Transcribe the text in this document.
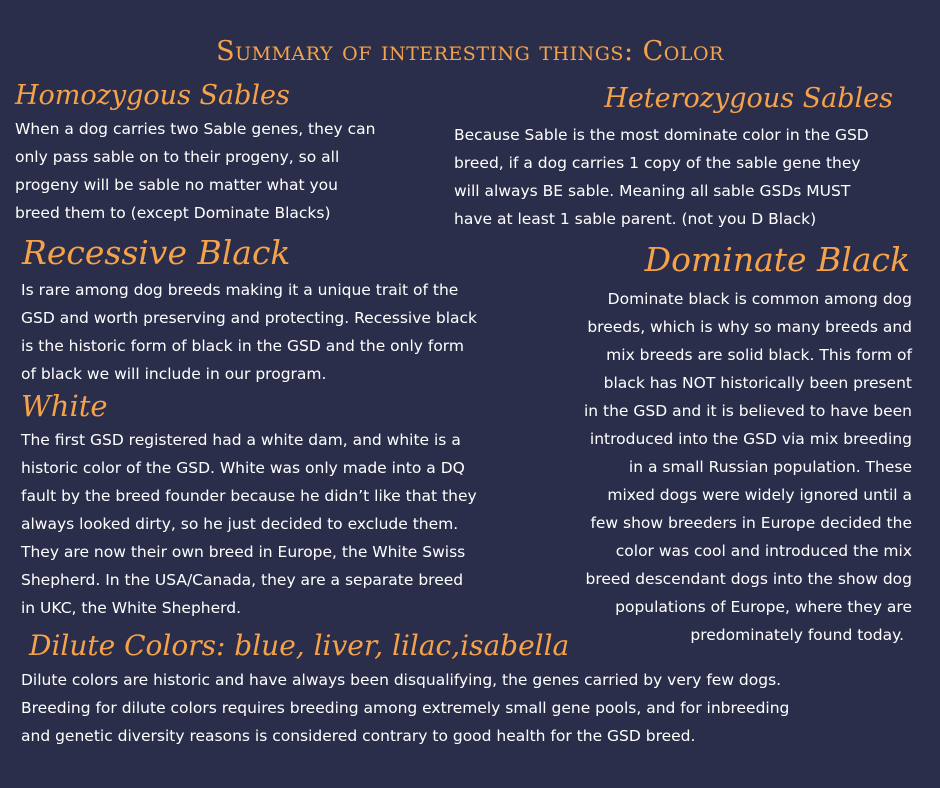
Summary of interesting things: Color
Homozygous Sables
When a dog carries two Sable genes, they can
only pass sable on to their progeny, so all
progeny will be sable no matter what you
breed them to (except Dominate Blacks)
Heterozygous Sables
Because Sable is the most dominate color in the GSD
breed, if a dog carries 1 copy of the sable gene they
will always BE sable. Meaning all sable GSDs MUST
have at least 1 sable parent. (not you D Black)
Recessive Black
Is rare among dog breeds making it a unique trait of the
GSD and worth preserving and protecting. Recessive black
is the historic form of black in the GSD and the only form
of black we will include in our program.
Dominate Black
Dominate black is common among dog
breeds, which is why so many breeds and
mix breeds are solid black. This form of
black has NOT historically been present
in the GSD and it is believed to have been
introduced into the GSD via mix breeding
in a small Russian population. These
mixed dogs were widely ignored until a
few show breeders in Europe decided the
color was cool and introduced the mix
breed descendant dogs into the show dog
populations of Europe, where they are
predominately found today.
White
The first GSD registered had a white dam, and white is a
historic color of the GSD. White was only made into a DQ
fault by the breed founder because he didn’t like that they
always looked dirty, so he just decided to exclude them.
They are now their own breed in Europe, the White Swiss
Shepherd. In the USA/Canada, they are a separate breed
in UKC, the White Shepherd.
Dilute Colors: blue, liver, lilac,isabella
Dilute colors are historic and have always been disqualifying, the genes carried by very few dogs.
Breeding for dilute colors requires breeding among extremely small gene pools, and for inbreeding
and genetic diversity reasons is considered contrary to good health for the GSD breed.
